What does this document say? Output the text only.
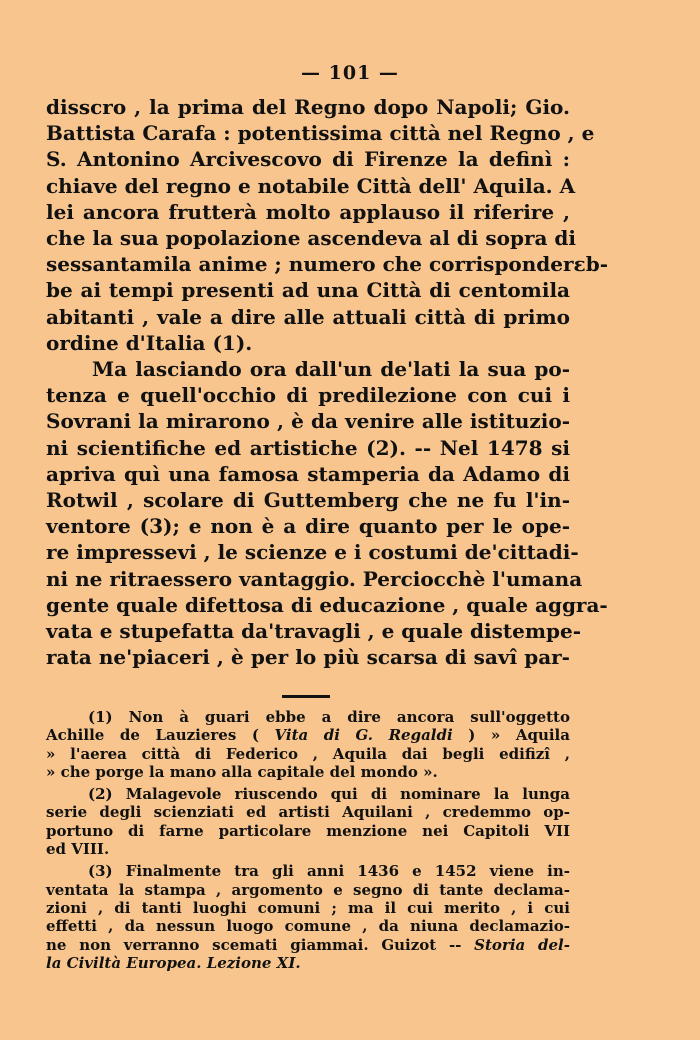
— 101 —
disscro , la prima del Regno dopo Napoli; Gio.
Battista Carafa : potentissima città nel Regno , e
S. Antonino Arcivescovo di Firenze la definì :
chiave del regno e notabile Città dell' Aquila. A
lei ancora frutterà molto applauso il riferire ,
che la sua popolazione ascendeva al di sopra di
sessantamila anime ; numero che corrisponderεb-
be ai tempi presenti ad una Città di centomila
abitanti , vale a dire alle attuali città di primo
ordine d'Italia (1).
Ma lasciando ora dall'un de'lati la sua po-
tenza e quell'occhio di predilezione con cui i
Sovrani la mirarono , è da venire alle istituzio-
ni scientifiche ed artistiche (2). -- Nel 1478 si
apriva quì una famosa stamperia da Adamo di
Rotwil , scolare di Guttemberg che ne fu l'in-
ventore (3); e non è a dire quanto per le ope-
re impressevi , le scienze e i costumi de'cittadi-
ni ne ritraessero vantaggio. Perciocchè l'umana
gente quale difettosa di educazione , quale aggra-
vata e stupefatta da'travagli , e quale distempe-
rata ne'piaceri , è per lo più scarsa di savî par-
(1) Non à guari ebbe a dire ancora sull'oggetto
Achille de Lauzieres ( Vita di G. Regaldi ) » Aquila
» l'aerea città di Federico , Aquila dai begli edifizî ,
» che porge la mano alla capitale del mondo ».
(2) Malagevole riuscendo qui di nominare la lunga
serie degli scienziati ed artisti Aquilani , credemmo op-
portuno di farne particolare menzione nei Capitoli VII
ed VIII.
(3) Finalmente tra gli anni 1436 e 1452 viene in-
ventata la stampa , argomento e segno di tante declama-
zioni , di tanti luoghi comuni ; ma il cui merito , i cui
effetti , da nessun luogo comune , da niuna declamazio-
ne non verranno scemati giammai. Guizot -- Storia del-
la Civiltà Europea. Lezione XI.
